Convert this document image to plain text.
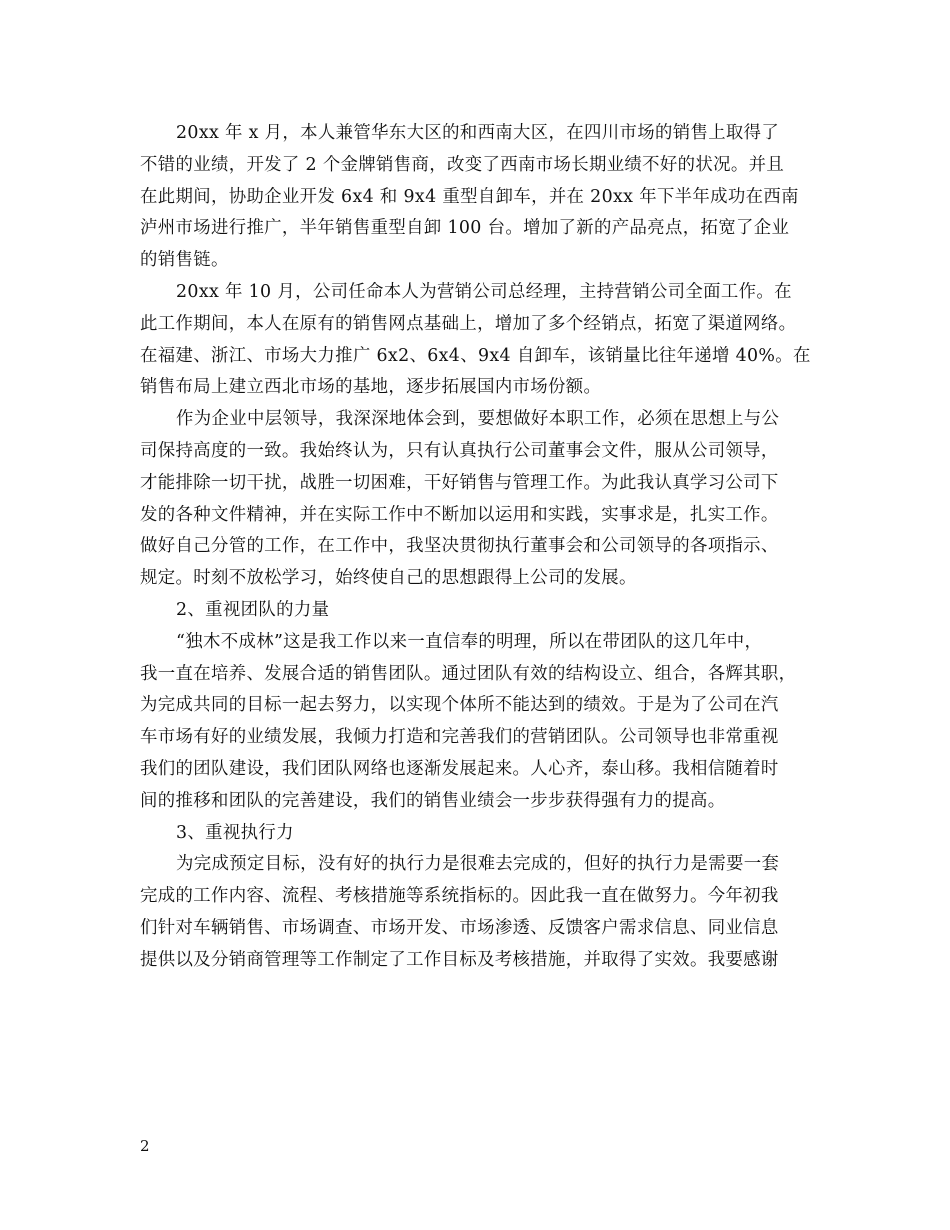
20xx 年 x 月，本人兼管华东大区的和西南大区，在四川市场的销售上取得了
不错的业绩，开发了 2 个金牌销售商，改变了西南市场长期业绩不好的状况。并且
在此期间，协助企业开发 6x4 和 9x4 重型自卸车，并在 20xx 年下半年成功在西南
泸州市场进行推广，半年销售重型自卸 100 台。增加了新的产品亮点，拓宽了企业
的销售链。
20xx 年 10 月，公司任命本人为营销公司总经理，主持营销公司全面工作。在
此工作期间，本人在原有的销售网点基础上，增加了多个经销点，拓宽了渠道网络。
在福建、浙江、市场大力推广 6x2、6x4、9x4 自卸车，该销量比往年递增 40%。在
销售布局上建立西北市场的基地，逐步拓展国内市场份额。
作为企业中层领导，我深深地体会到，要想做好本职工作，必须在思想上与公
司保持高度的一致。我始终认为，只有认真执行公司董事会文件，服从公司领导，
才能排除一切干扰，战胜一切困难，干好销售与管理工作。为此我认真学习公司下
发的各种文件精神，并在实际工作中不断加以运用和实践，实事求是，扎实工作。
做好自己分管的工作，在工作中，我坚决贯彻执行董事会和公司领导的各项指示、
规定。时刻不放松学习，始终使自己的思想跟得上公司的发展。
2、重视团队的力量
“独木不成林”这是我工作以来一直信奉的明理，所以在带团队的这几年中，
我一直在培养、发展合适的销售团队。通过团队有效的结构设立、组合，各辉其职，
为完成共同的目标一起去努力，以实现个体所不能达到的绩效。于是为了公司在汽
车市场有好的业绩发展，我倾力打造和完善我们的营销团队。公司领导也非常重视
我们的团队建设，我们团队网络也逐渐发展起来。人心齐，泰山移。我相信随着时
间的推移和团队的完善建设，我们的销售业绩会一步步获得强有力的提高。
3、重视执行力
为完成预定目标，没有好的执行力是很难去完成的，但好的执行力是需要一套
完成的工作内容、流程、考核措施等系统指标的。因此我一直在做努力。今年初我
们针对车辆销售、市场调查、市场开发、市场渗透、反馈客户需求信息、同业信息
提供以及分销商管理等工作制定了工作目标及考核措施，并取得了实效。我要感谢
2
